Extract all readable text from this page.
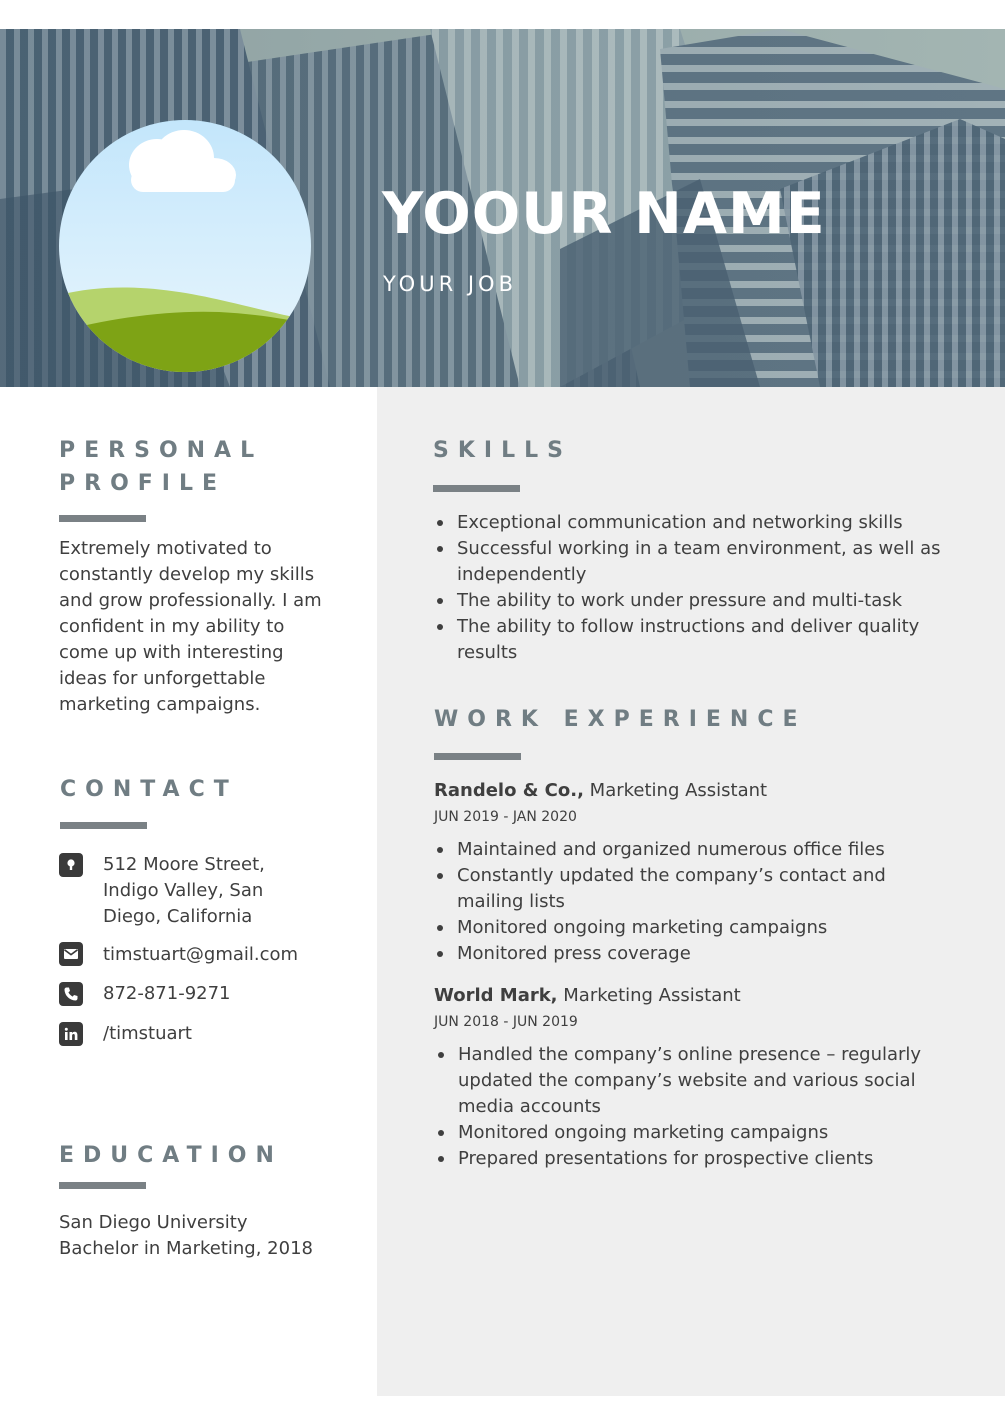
YOOUR NAME

YOUR JOB

PERSONAL
PROFILE

Extremely motivated to
constantly develop my skills
and grow professionally. I am
confident in my ability to
come up with interesting
ideas for unforgettable
marketing campaigns.

CONTACT

512 Moore Street,
Indigo Valley, San
Diego, California

timstuart@gmail.com

872-871-9271

/timstuart

EDUCATION

San Diego University
Bachelor in Marketing, 2018

SKILLS
Exceptional communication and networking skills
Successful working in a team environment, as well as
independently
The ability to work under pressure and multi-task
The ability to follow instructions and deliver quality
results
WORK EXPERIENCE

Randelo & Co., Marketing Assistant

JUN 2019 - JAN 2020

Maintained and organized numerous office files
Constantly updated the company’s contact and
mailing lists
Monitored ongoing marketing campaigns
Monitored press coverage

World Mark, Marketing Assistant

JUN 2018 - JUN 2019

Handled the company’s online presence – regularly
updated the company’s website and various social
media accounts
Monitored ongoing marketing campaigns
Prepared presentations for prospective clients
